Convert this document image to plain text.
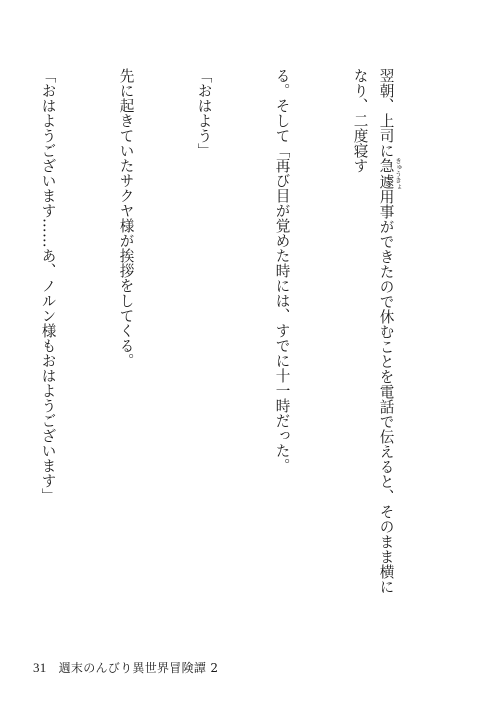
翌朝、上司に急遽 きゅうきょ用事ができたので休むことを電話で伝えると、そのまま横になり、二度寝す

る。そして「再び目が覚めた時には、すでに十一時だった。

「おはよう」

先に起きていたサクヤ様が挨拶をしてくる。

「おはようございます……あ、ノルン様もおはようございます」

31 週末のんびり異世界冒険譚 2
